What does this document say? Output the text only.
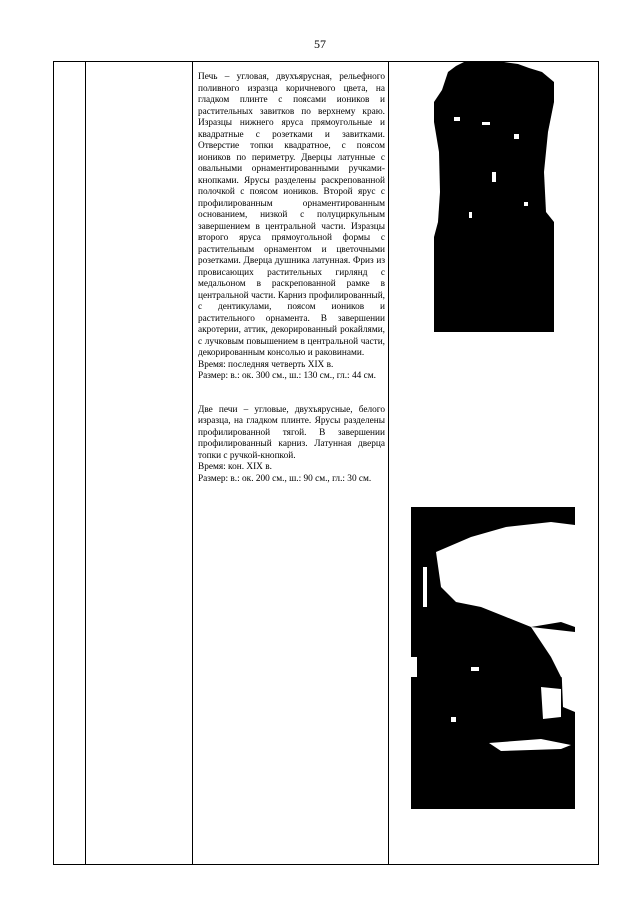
57

Печь – угловая, двухъярусная, рельефного поливного изразца коричневого цвета, на гладком плинте с поясами иоников и растительных завитков по верхнему краю. Изразцы нижнего яруса прямоугольные и квадратные с розетками и завитками. Отверстие топки квадратное, с поясом иоников по периметру. Дверцы латунные с овальными орнаментированными ручками-кнопками. Ярусы разделены раскрепованной полочкой с поясом иоников. Второй ярус с профилированным орнаментированным основанием, низкой с полуциркульным завершением в центральной части. Изразцы второго яруса прямоугольной формы с растительным орнаментом и цветочными розетками. Дверца душника латунная. Фриз из провисающих растительных гирлянд с медальоном в раскрепованной рамке в центральной части. Карниз профилированный, с дентикулами, поясом иоников и растительного орнамента. В завершении акротерии, аттик, декорированный рокайлями, с лучковым повышением в центральной части, декорированным консолью и раковинами.

Время: последняя четверть XIX в.

Размер: в.: ок. 300 см., ш.: 130 см., гл.: 44 см.

Две печи – угловые, двухъярусные, белого изразца, на гладком плинте. Ярусы разделены профилированной тягой. В завершении профилированный карниз. Латунная дверца топки с ручкой-кнопкой.

Время: кон. XIX в.

Размер: в.: ок. 200 см., ш.: 90 см., гл.: 30 см.
